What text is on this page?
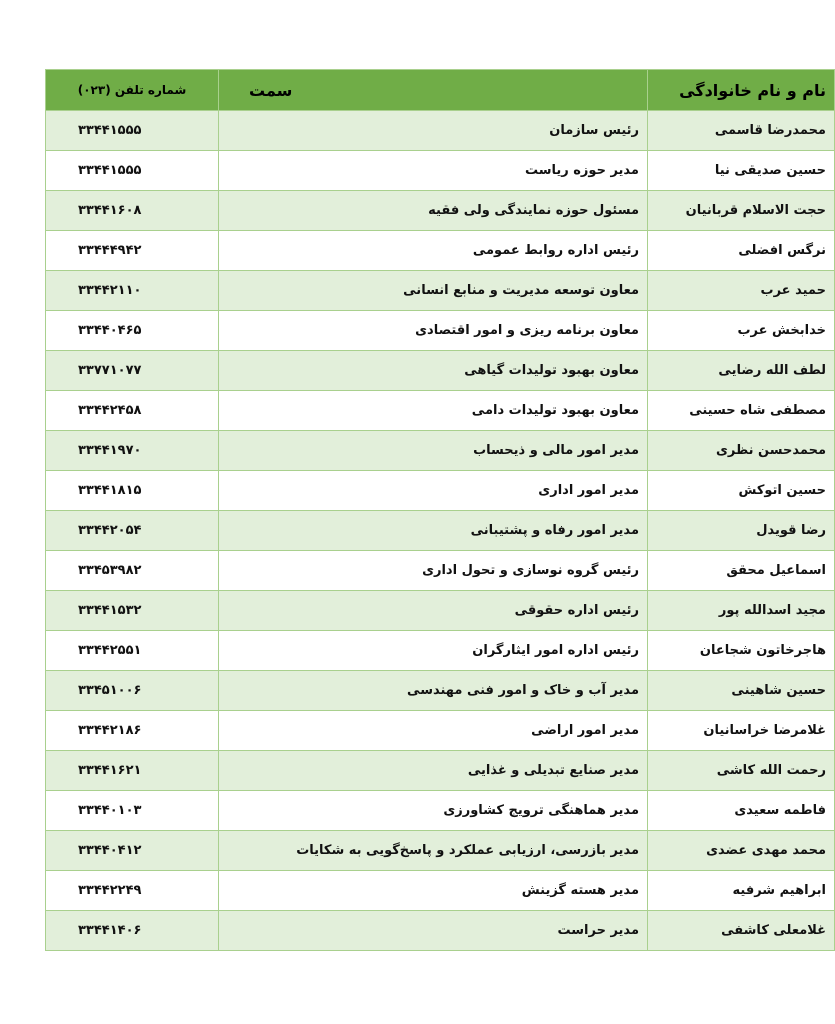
نام و نام خانوادگی	سمت	شماره تلفن (۰۲۳)
محمدرضا قاسمی	رئیس سازمان	۳۳۴۴۱۵۵۵
حسین صدیقی نیا	مدیر حوزه ریاست	۳۳۴۴۱۵۵۵
حجت الاسلام قربانیان	مسئول حوزه نمایندگی ولی فقیه	۳۳۴۴۱۶۰۸
نرگس افضلی	رئیس اداره روابط عمومی	۳۳۴۴۴۹۴۲
حمید عرب	معاون توسعه مدیریت و منابع انسانی	۳۳۴۴۲۱۱۰
خدابخش عرب	معاون برنامه ریزی و امور اقتصادی	۳۳۴۴۰۴۶۵
لطف الله رضایی	معاون بهبود تولیدات گیاهی	۳۳۷۷۱۰۷۷
مصطفی شاه حسینی	معاون بهبود تولیدات دامی	۳۳۴۴۲۴۵۸
محمدحسن نظری	مدیر امور مالی و ذیحساب	۳۳۴۴۱۹۷۰
حسین اتوکش	مدیر امور اداری	۳۳۴۴۱۸۱۵
رضا قویدل	مدیر امور رفاه و پشتیبانی	۳۳۴۴۲۰۵۴
اسماعیل محقق	رئیس گروه نوسازی و تحول اداری	۳۳۴۵۳۹۸۲
مجید اسدالله پور	رئیس اداره حقوقی	۳۳۴۴۱۵۳۲
هاجرخاتون شجاعان	رئیس اداره امور ایثارگران	۳۳۴۴۲۵۵۱
حسین شاهینی	مدیر آب و خاک و امور فنی مهندسی	۳۳۴۵۱۰۰۶
غلامرضا خراسانیان	مدیر امور اراضی	۳۳۴۴۲۱۸۶
رحمت الله کاشی	مدیر صنایع تبدیلی و غذایی	۳۳۴۴۱۶۲۱
فاطمه سعیدی	مدیر هماهنگی ترویج کشاورزی	۳۳۴۴۰۱۰۳
محمد مهدی عضدی	مدیر بازرسی، ارزیابی عملکرد و پاسخ‌گویی به شکایات	۳۳۴۴۰۴۱۲
ابراهیم شرفیه	مدیر هسته گزینش	۳۳۴۴۲۲۴۹
غلامعلی کاشفی	مدیر حراست	۳۳۴۴۱۴۰۶
